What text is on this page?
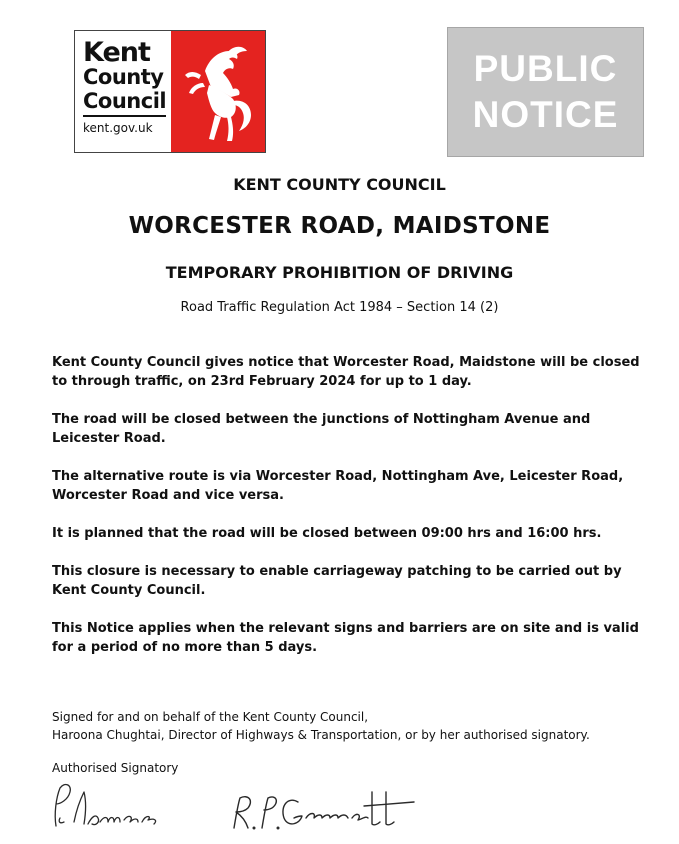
Kent
County
Council
kent.gov.uk
PUBLIC
NOTICE
KENT COUNTY COUNCIL
WORCESTER ROAD, MAIDSTONE
TEMPORARY PROHIBITION OF DRIVING
Road Traffic Regulation Act 1984 – Section 14 (2)

Kent County Council gives notice that Worcester Road, Maidstone will be closed to through traffic, on 23rd February 2024 for up to 1 day.

The road will be closed between the junctions of Nottingham Avenue and Leicester Road.

The alternative route is via Worcester Road, Nottingham Ave, Leicester Road, Worcester Road and vice versa.

It is planned that the road will be closed between 09:00 hrs and 16:00 hrs.

This closure is necessary to enable carriageway patching to be carried out by Kent County Council.

This Notice applies when the relevant signs and barriers are on site and is valid for a period of no more than 5 days.

Signed for and on behalf of the Kent County Council,
Haroona Chughtai, Director of Highways & Transportation, or by her authorised signatory.
Authorised Signatory
